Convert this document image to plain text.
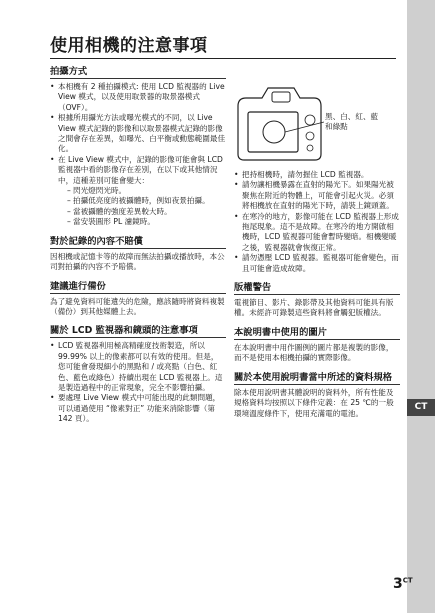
CT
使用相機的注意事項
黑、白、紅、藍
和綠點
拍攝方式
• 本相機有 2 種拍攝模式: 使用 LCD 監視器的 Live View 模式，以及使用取景器的取景器模式（OVF）。
• 根據所用攝光方法或曝光模式的不同，以 Live View 模式記錄的影像和以取景器模式記錄的影像之間會存在差異，如曝光、白平衡或動態範圍最佳化。
• 在 Live View 模式中，記錄的影像可能會與 LCD 監視器中看的影像存在差別，在以下或其他情況中，這種差別可能會變大：
– 閃光燈閃光時。
– 拍攝低亮度的被攝體時，例如夜景拍攝。
– 當被攝體的強度差異較大時。
– 當安裝圓形 PL 濾鏡時。
對於記錄的內容不賠償

因相機或記憶卡等的故障而無法拍攝或播放時，本公司對拍攝的內容不予賠償。

建議進行備份

為了避免資料可能遺失的危險，應該隨時將資料複製（備份）到其他媒體上去。

關於 LCD 監視器和鏡頭的注意事項
• LCD 監視器利用極高精確度技術製造，所以 99.99% 以上的像素都可以有效的使用。但是，您可能會發現細小的黑點和 / 或亮點（白色、紅色、藍色或綠色）持續出現在 LCD 監視器上。這是製造過程中的正常現象，完全不影響拍攝。
• 要處理 Live View 模式中可能出現的此類問題，可以通過使用 “像素對正” 功能來消除影響（第 142 頁）。
• 把持相機時，請勿握住 LCD 監視器。
• 請勿讓相機暴露在直射的陽光下。如果陽光被聚焦在附近的物體上，可能會引起火災。必須將相機放在直射的陽光下時，請裝上鏡頭蓋。
• 在寒冷的地方，影像可能在 LCD 監視器上形成拖尾現象。這不是故障。在寒冷的地方開啟相機時，LCD 監視器可能會暫時變暗。相機變暖之後，監視器就會恢復正常。
• 請勿憑壓 LCD 監視器。監視器可能會變色，而且可能會造成故障。
版權警告

電視節目、影片、錄影帶及其他資料可能具有版權。未經許可錄製這些資料將會觸犯版權法。

本說明書中使用的圖片

在本說明書中用作圖例的圖片都是複製的影像，而不是使用本相機拍攝的實際影像。

關於本使用說明書當中所述的資料規格

除本使用說明書其體說明的資料外，所有性能及規格資料均按照以下條件定義：在 25 ℃的一般環境溫度條件下，使用充滿電的電池。

$3^{CT}$
